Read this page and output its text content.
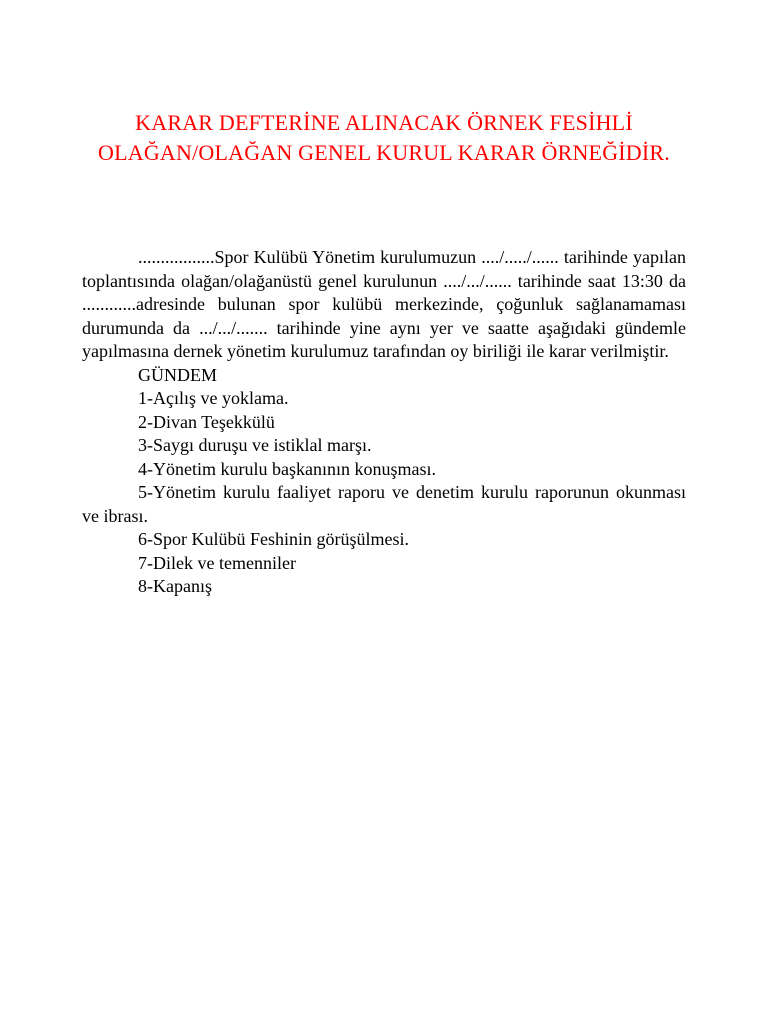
KARAR DEFTERİNE ALINACAK ÖRNEK FESİHLİ OLAĞAN/OLAĞAN GENEL KURUL KARAR ÖRNEĞİDİR.

.................Spor Kulübü Yönetim kurulumuzun ..../...../...... tarihinde yapılan toplantısında olağan/olağanüstü genel kurulunun ..../.../...... tarihinde saat 13:30 da ............adresinde bulunan spor kulübü merkezinde, çoğunluk sağlanamaması durumunda da .../.../....... tarihinde yine aynı yer ve saatte aşağıdaki gündemle yapılmasına dernek yönetim kurulumuz tarafından oy biriliği ile karar verilmiştir.

GÜNDEM

1-Açılış ve yoklama.

2-Divan Teşekkülü

3-Saygı duruşu ve istiklal marşı.

4-Yönetim kurulu başkanının konuşması.

5-Yönetim kurulu faaliyet raporu ve denetim kurulu raporunun okunması ve ibrası.

6-Spor Kulübü Feshinin görüşülmesi.

7-Dilek ve temenniler

8-Kapanış
